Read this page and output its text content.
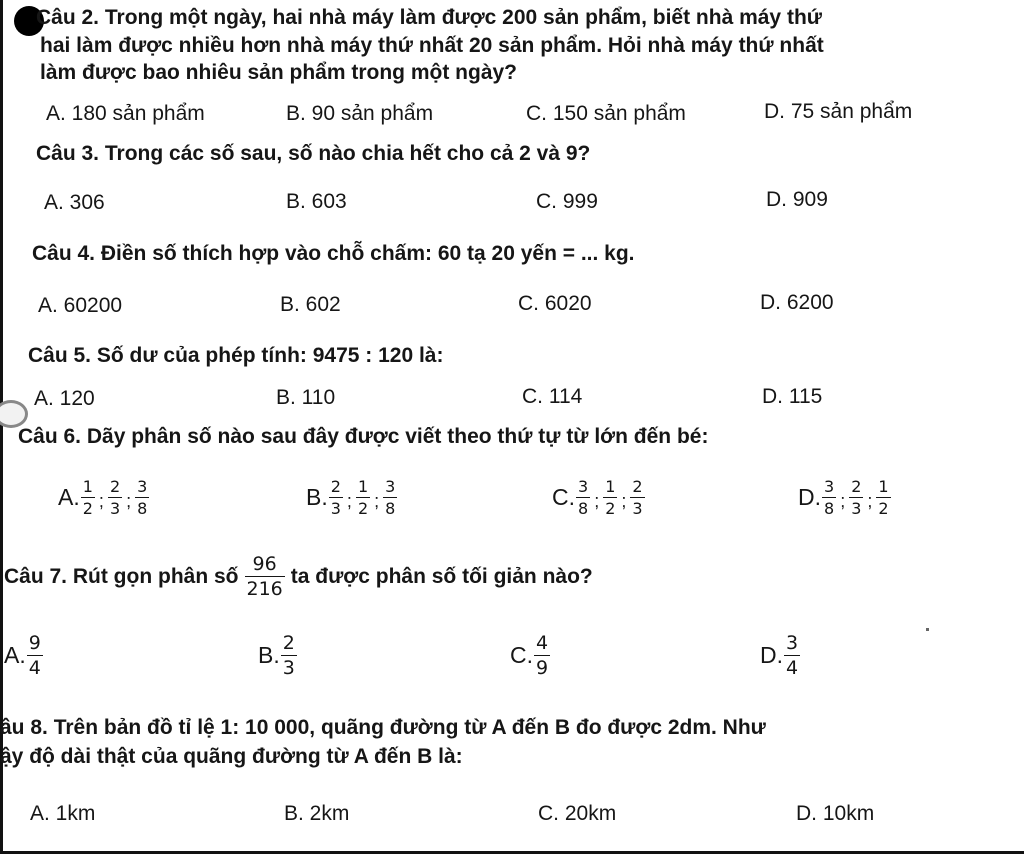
Câu 2. Trong một ngày, hai nhà máy làm được 200 sản phẩm, biết nhà máy thứ

hai làm được nhiều hơn nhà máy thứ nhất 20 sản phẩm. Hỏi nhà máy thứ nhất

làm được bao nhiêu sản phẩm trong một ngày?

A. 180 sản phẩm	B. 90 sản phẩm	C. 150 sản phẩm	D. 75 sản phẩm

Câu 3. Trong các số sau, số nào chia hết cho cả 2 và 9?

A. 306	B. 603	C. 999	D. 909

Câu 4. Điền số thích hợp vào chỗ chấm: 60 tạ 20 yến = ... kg.

A. 60200	B. 602	C. 6020	D. 6200

Câu 5. Số dư của phép tính: 9475 : 120 là:

A. 120	B. 110	C. 114	D. 115

Câu 6. Dãy phân số nào sau đây được viết theo thứ tự từ lớn đến bé:

A. $\frac{1}{2}$ ; $\frac{2}{3}$ ; $\frac{3}{8}$	B. $\frac{2}{3}$ ; $\frac{1}{2}$ ; $\frac{3}{8}$	C. $\frac{3}{8}$ ; $\frac{1}{2}$ ; $\frac{2}{3}$	D. $\frac{3}{8}$ ; $\frac{2}{3}$ ; $\frac{1}{2}$
Câu 7. Rút gọn phân số $\frac{96}{216}$ ta được phân số tối giản nào?
A. $\frac{9}{4}$	B. $\frac{2}{3}$	C. $\frac{4}{9}$	D. $\frac{3}{4}$

âu 8. Trên bản đồ tỉ lệ 1: 10 000, quãng đường từ A đến B đo được 2dm. Như

ậy độ dài thật của quãng đường từ A đến B là:

A. 1km	B. 2km	C. 20km	D. 10km
